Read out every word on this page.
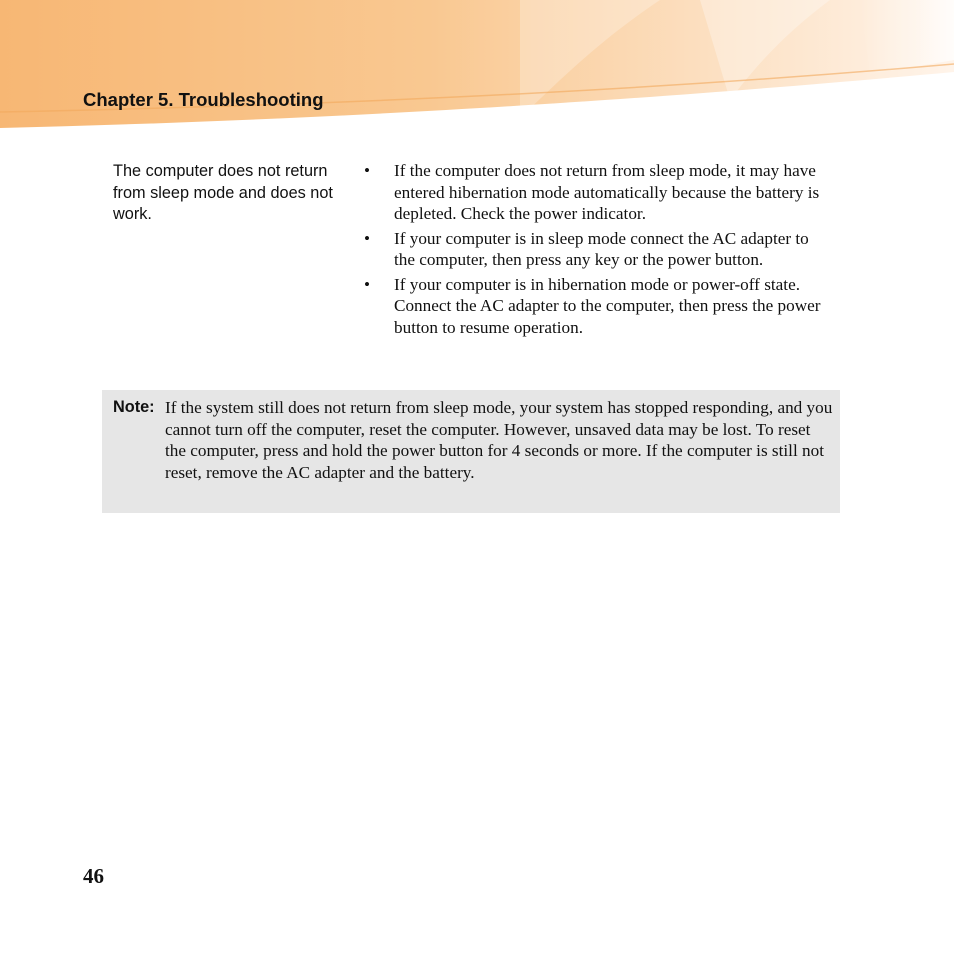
Chapter 5. Troubleshooting

The computer does not return from sleep mode and does not work.

• If the computer does not return from sleep mode, it may have entered hibernation mode automatically because the battery is depleted. Check the power indicator.
• If your computer is in sleep mode connect the AC adapter to the computer, then press any key or the power button.
• If your computer is in hibernation mode or power-off state. Connect the AC adapter to the computer, then press the power button to resume operation.
Note: If the system still does not return from sleep mode, your system has stopped responding, and you cannot turn off the computer, reset the computer. However, unsaved data may be lost. To reset the computer, press and hold the power button for 4 seconds or more. If the computer is still not reset, remove the AC adapter and the battery.

46
